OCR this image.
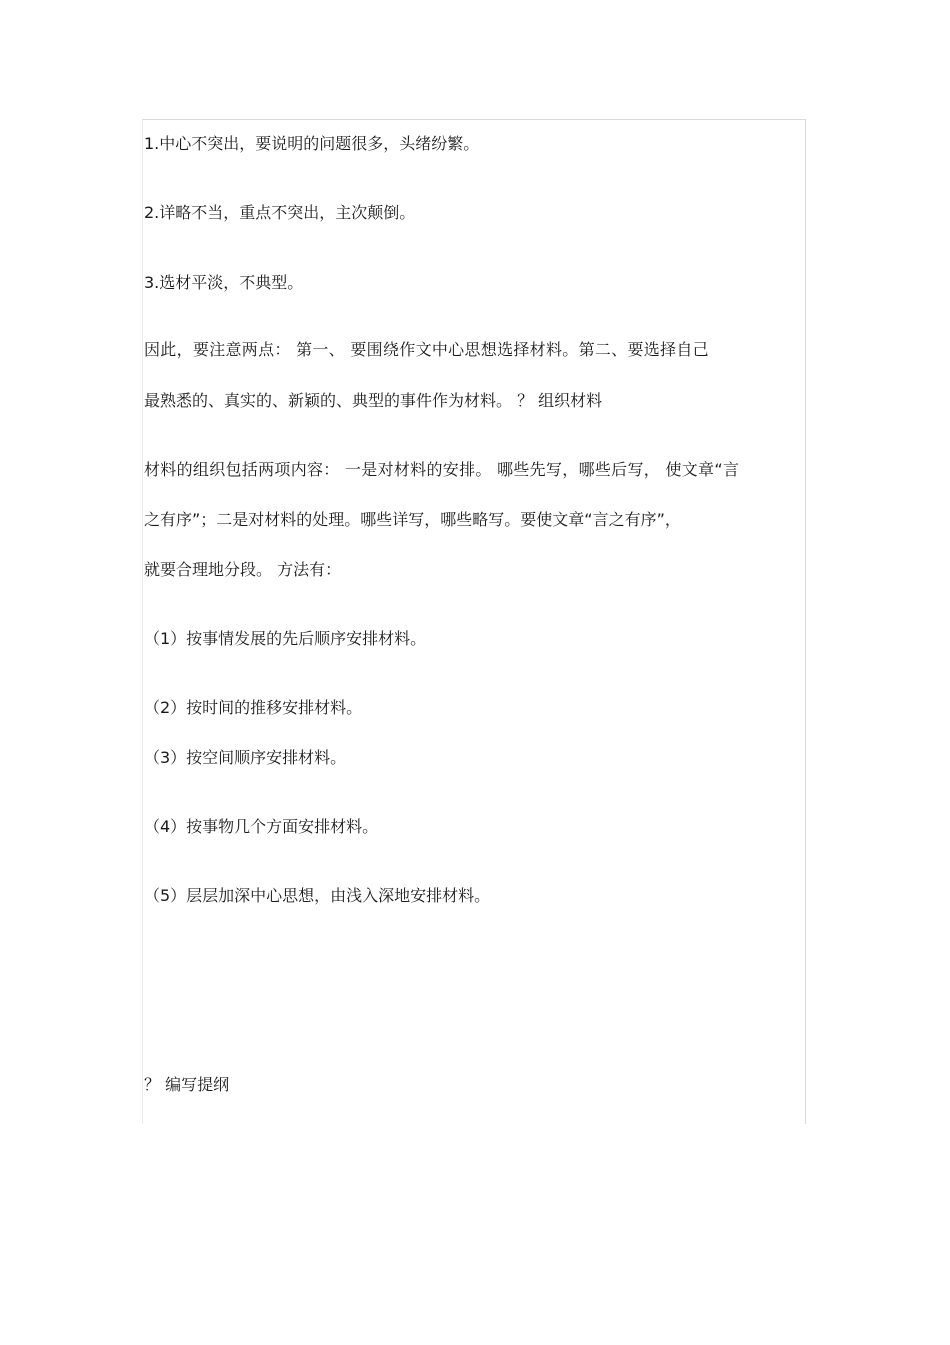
1.中心不突出，要说明的问题很多，头绪纷繁。
2.详略不当，重点不突出，主次颠倒。
3.选材平淡，不典型。
因此，要注意两点： 第一、 要围绕作文中心思想选择材料。第二、要选择自己
最熟悉的、真实的、新颖的、典型的事件作为材料。 ？ 组织材料
材料的组织包括两项内容： 一是对材料的安排。 哪些先写，哪些后写， 使文章“言
之有序”；二是对材料的处理。哪些详写，哪些略写。要使文章“言之有序”，
就要合理地分段。 方法有：
（1）按事情发展的先后顺序安排材料。
（2）按时间的推移安排材料。
（3）按空间顺序安排材料。
（4）按事物几个方面安排材料。
（5）层层加深中心思想，由浅入深地安排材料。
？ 编写提纲
